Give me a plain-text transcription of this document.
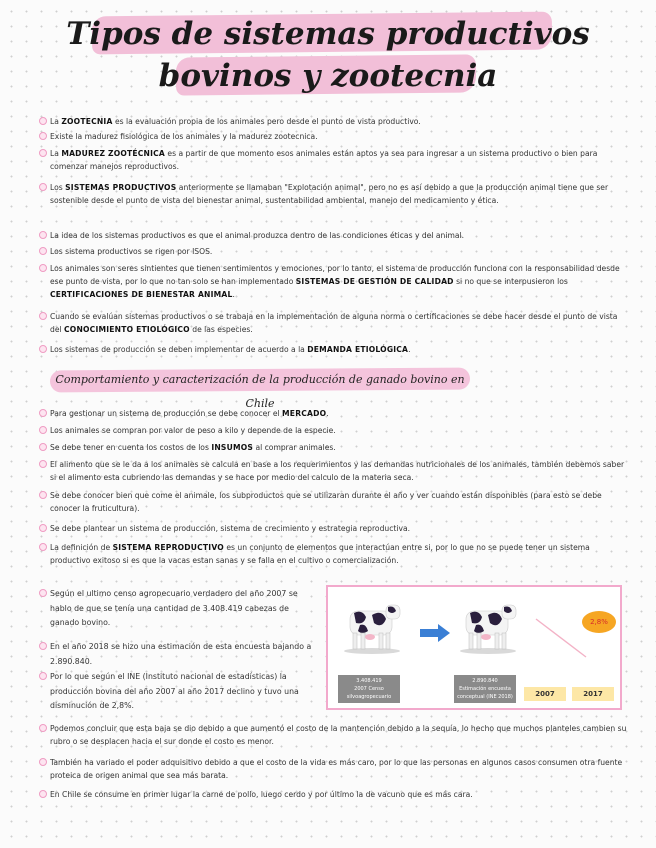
Tipos de sistemas productivos
bovinos y zootecnia
La ZOOTECNIA es la evaluación propia de los animales pero desde el punto de vista productivo.
Existe la madurez fisiológica de los animales y la madurez zootecnica.
La MADUREZ ZOOTÉCNICA es a partir de que momento esos animales están aptos ya sea para ingresar a un sistema productivo o bien para comenzar manejos reproductivos.
Los SISTEMAS PRODUCTIVOS anteriormente se llamaban "Explotación animal", pero no es así debido a que la producción animal tiene que ser sostenible desde el punto de vista del bienestar animal, sustentabilidad ambiental, manejo del medicamiento y ética.
La idea de los sistemas productivos es que el animal produzca dentro de las condiciones éticas y del animal.
Los sistema productivos se rigen por ISOS.
Los animales son seres sintientes que tienen sentimientos y emociones, por lo tanto, el sistema de producción funciona con la responsabilidad desde ese punto de vista, por lo que no tan solo se han implementado SISTEMAS DE GESTIÓN DE CALIDAD si no que se interpusieron los CERTIFICACIONES DE BIENESTAR ANIMAL.
Cuando se evalúan sistemas productivos o se trabaja en la implementación de alguna norma o certificaciones se debe hacer desde el punto de vista del CONOCIMIENTO ETIOLÓGICO de las especies.
Los sistemas de producción se deben implementar de acuerdo a la DEMANDA ETIOLÓGICA.
Comportamiento y caracterización de la producción de ganado bovino en Chile
Para gestionar un sistema de producción se debe conocer el MERCADO.
Los animales se compran por valor de peso a kilo y depende de la especie.
Se debe tener en cuenta los costos de los INSUMOS al comprar animales.
El alimento que se le da a los animales se calcula en base a los requerimientos y las demandas nutricionales de los animales, también debemos saber si el alimento esta cubriendo las demandas y se hace por medio del calculo de la materia seca.
Se debe conocer bien que come el animale, los subproductos que se utilizaran durante el año y ver cuando están disponibles (para esto se debe conocer la fruticultura).
Se debe plantear un sistema de producción, sistema de crecimiento y estrategia reproductiva.
La definición de SISTEMA REPRODUCTIVO es un conjunto de elementos que interactúan entre si, por lo que no se puede tener un sistema productivo exitoso si es que la vacas estan sanas y se falla en el cultivo o comercialización.
Según el ultimo censo agropecuario verdadero del año 2007 se hablo de que se tenía una cantidad de 3.408.419 cabezas de ganado bovino.
En el año 2018 se hizo una estimación de esta encuesta bajando a 2.890.840.
Por lo que según el INE (Instituto nacional de estadísticas) la producción bovina del año 2007 al año 2017 declino y tuvo una disminución de 2,8%.
3.408.419
2007 Censo
silvoagropecuario
2.890.840
Estimación encuesta
conceptual (INE 2018)
2,8%
2007	2017
Podemos concluir que esta baja se dio debido a que aumentó el costo de la mantención debido a la sequía, lo hecho que muchos planteles cambien su rubro o se desplacen hacia el sur donde el costo es menor.
También ha variado el poder adquisitivo debido a que el costo de la vida es más caro, por lo que las personas en algunos casos consumen otra fuente proteica de origen animal que sea más barata.
En Chile se consume en primer lugar la carne de pollo, luego cerdo y por último la de vacuno que es más cara.
